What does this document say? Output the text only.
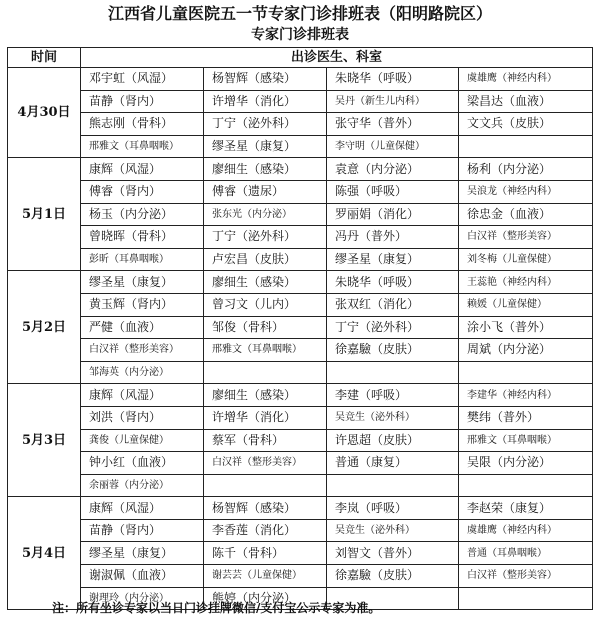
江西省儿童医院五一节专家门诊排班表（阳明路院区）
专家门诊排班表
时间	出诊医生、科室			
4月30日	邓宇虹（风湿）	杨智辉（感染）	朱晓华（呼吸）	虞雄鹰（神经内科）
	苗静（肾内）	许增华（消化）	吴丹（新生儿内科）	梁昌达（血液）
	熊志刚（骨科）	丁宁（泌外科）	张守华（普外）	文文兵（皮肤）
	邢雅文（耳鼻咽喉）	缪圣星（康复）	李守明（儿童保健）	
5月1日	康辉（风湿）	廖细生（感染）	袁意（内分泌）	杨利（内分泌）
	傅睿（肾内）	傅睿（遗尿）	陈强（呼吸）	吴浪龙（神经内科）
	杨玉（内分泌）	张东光（内分泌）	罗丽娟（消化）	徐忠金（血液）
	曾晓晖（骨科）	丁宁（泌外科）	冯丹（普外）	白汉祥（整形美容）
	彭昕（耳鼻咽喉）	卢宏昌（皮肤）	缪圣星（康复）	刘冬梅（儿童保健）
5月2日	缪圣星（康复）	廖细生（感染）	朱晓华（呼吸）	王蕊艳（神经内科）
	黄玉辉（肾内）	曾习文（儿内）	张双红（消化）	赖媛（儿童保健）
	严健（血液）	邹俊（骨科）	丁宁（泌外科）	涂小飞（普外）
	白汉祥（整形美容）	邢雅文（耳鼻咽喉）	徐嘉驗（皮肤）	周斌（内分泌）
	邹海英（内分泌）			
5月3日	康辉（风湿）	廖细生（感染）	李建（呼吸）	李建华（神经内科）
	刘洪（肾内）	许增华（消化）	吴竞生（泌外科）	樊纬（普外）
	龚俊（儿童保健）	蔡军（骨科）	许恩超（皮肤）	邢雅文（耳鼻咽喉）
	钟小红（血液）	白汉祥（整形美容）	普通（康复）	吴限（内分泌）
	余丽蓉（内分泌）			
5月4日	康辉（风湿）	杨智辉（感染）	李岚（呼吸）	李赵荣（康复）
	苗静（肾内）	李香莲（消化）	吴竞生（泌外科）	虞雄鹰（神经内科）
	缪圣星（康复）	陈千（骨科）	刘智文（普外）	普通（耳鼻咽喉）
	谢淑佩（血液）	谢芸芸（儿童保健）	徐嘉驗（皮肤）	白汉祥（整形美容）
	谢理玲（内分泌）	熊婷（内分泌）		
注：所有坐诊专家以当日门诊挂牌微信/支付宝公示专家为准。
